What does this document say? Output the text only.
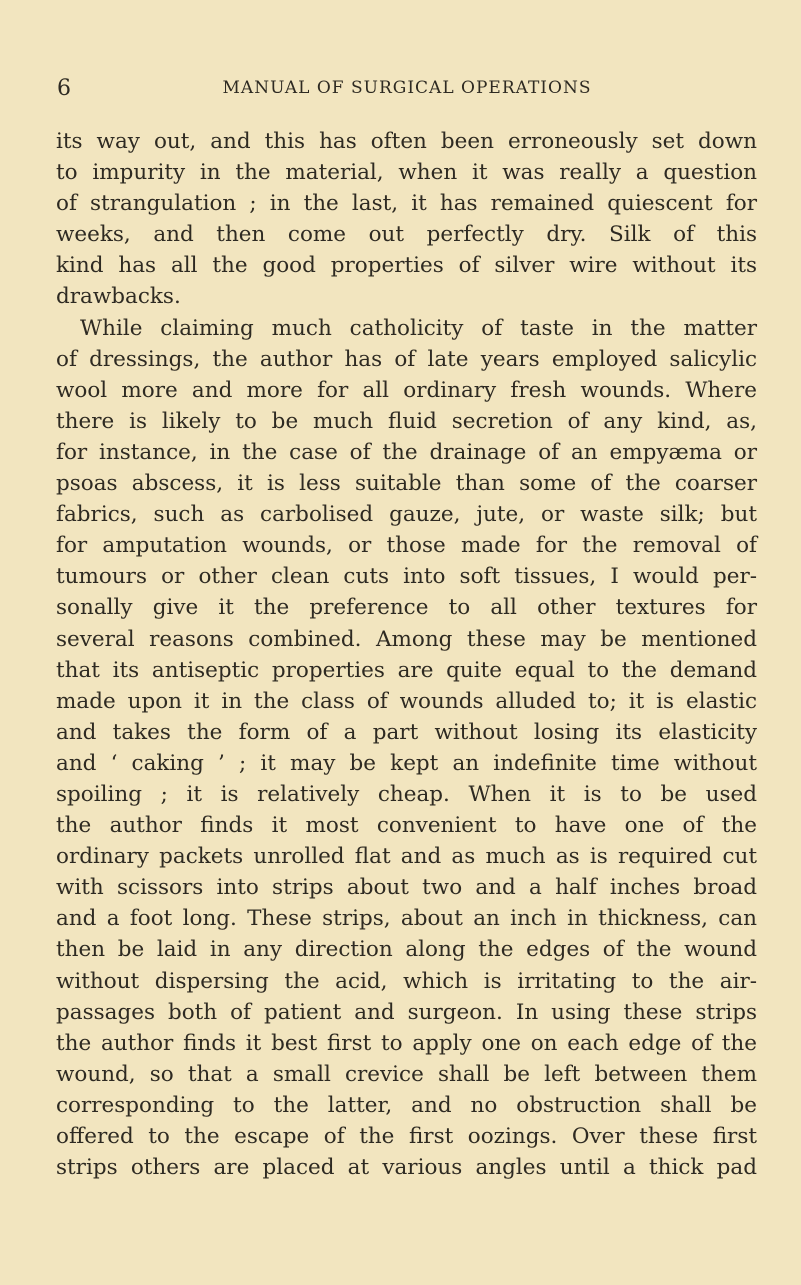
6	MANUAL OF SURGICAL OPERATIONS
its way out, and this has often been erroneously set down
to impurity in the material, when it was really a question
of strangulation ; in the last, it has remained quiescent for
weeks, and then come out perfectly dry. Silk of this
kind has all the good properties of silver wire without its
drawbacks.
While claiming much catholicity of taste in the matter
of dressings, the author has of late years employed salicylic
wool more and more for all ordinary fresh wounds. Where
there is likely to be much fluid secretion of any kind, as,
for instance, in the case of the drainage of an empyæma or
psoas abscess, it is less suitable than some of the coarser
fabrics, such as carbolised gauze, jute, or waste silk; but
for amputation wounds, or those made for the removal of
tumours or other clean cuts into soft tissues, I would per-
sonally give it the preference to all other textures for
several reasons combined. Among these may be mentioned
that its antiseptic properties are quite equal to the demand
made upon it in the class of wounds alluded to; it is elastic
and takes the form of a part without losing its elasticity
and ‘ caking ’ ; it may be kept an indefinite time without
spoiling ; it is relatively cheap. When it is to be used
the author finds it most convenient to have one of the
ordinary packets unrolled flat and as much as is required cut
with scissors into strips about two and a half inches broad
and a foot long. These strips, about an inch in thickness, can
then be laid in any direction along the edges of the wound
without dispersing the acid, which is irritating to the air-
passages both of patient and surgeon. In using these strips
the author finds it best first to apply one on each edge of the
wound, so that a small crevice shall be left between them
corresponding to the latter, and no obstruction shall be
offered to the escape of the first oozings. Over these first
strips others are placed at various angles until a thick pad
